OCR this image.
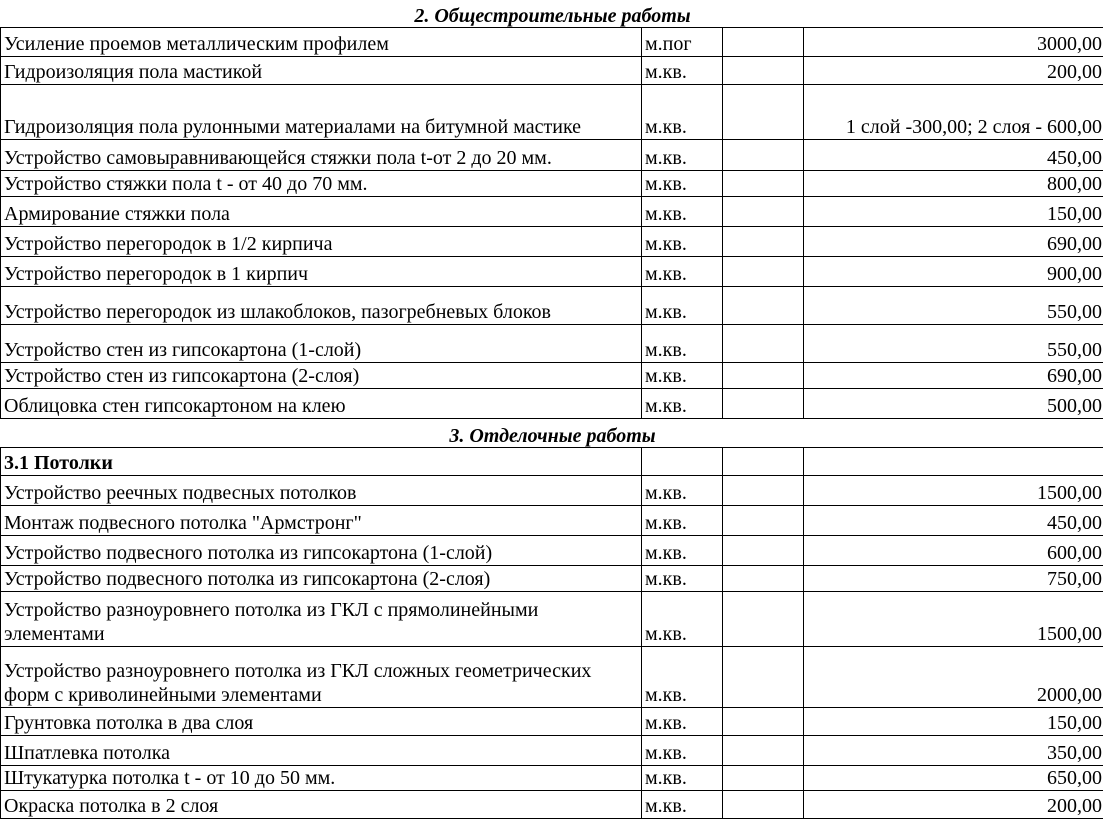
2. Общестроительные работы			
Усиление проемов металлическим профилем	м.пог		3000,00
Гидроизоляция пола мастикой	м.кв.		200,00
Гидроизоляция пола рулонными материалами на битумной мастике	м.кв.		1 слой -300,00; 2 слоя - 600,00
Устройство самовыравнивающейся стяжки пола t-от 2 до 20 мм.	м.кв.		450,00
Устройство стяжки пола t - от 40 до 70 мм.	м.кв.		800,00
Армирование стяжки пола	м.кв.		150,00
Устройство перегородок в 1/2 кирпича	м.кв.		690,00
Устройство перегородок в 1 кирпич	м.кв.		900,00
Устройство перегородок из шлакоблоков, пазогребневых блоков	м.кв.		550,00
Устройство стен из гипсокартона (1-слой)	м.кв.		550,00
Устройство стен из гипсокартона (2-слоя)	м.кв.		690,00
Облицовка стен гипсокартоном на клею	м.кв.		500,00
3. Отделочные работы			
3.1 Потолки			
Устройство реечных подвесных потолков	м.кв.		1500,00
Монтаж подвесного потолка "Армстронг"	м.кв.		450,00
Устройство подвесного потолка из гипсокартона (1-слой)	м.кв.		600,00
Устройство подвесного потолка из гипсокартона (2-слоя)	м.кв.		750,00
Устройство разноуровнего потолка из ГКЛ с прямолинейными элементами	м.кв.		1500,00
Устройство разноуровнего потолка из ГКЛ сложных геометрических форм с криволинейными элементами	м.кв.		2000,00
Грунтовка потолка в два слоя	м.кв.		150,00
Шпатлевка потолка	м.кв.		350,00
Штукатурка потолка t - от 10 до 50 мм.	м.кв.		650,00
Окраска потолка в 2 слоя	м.кв.		200,00
